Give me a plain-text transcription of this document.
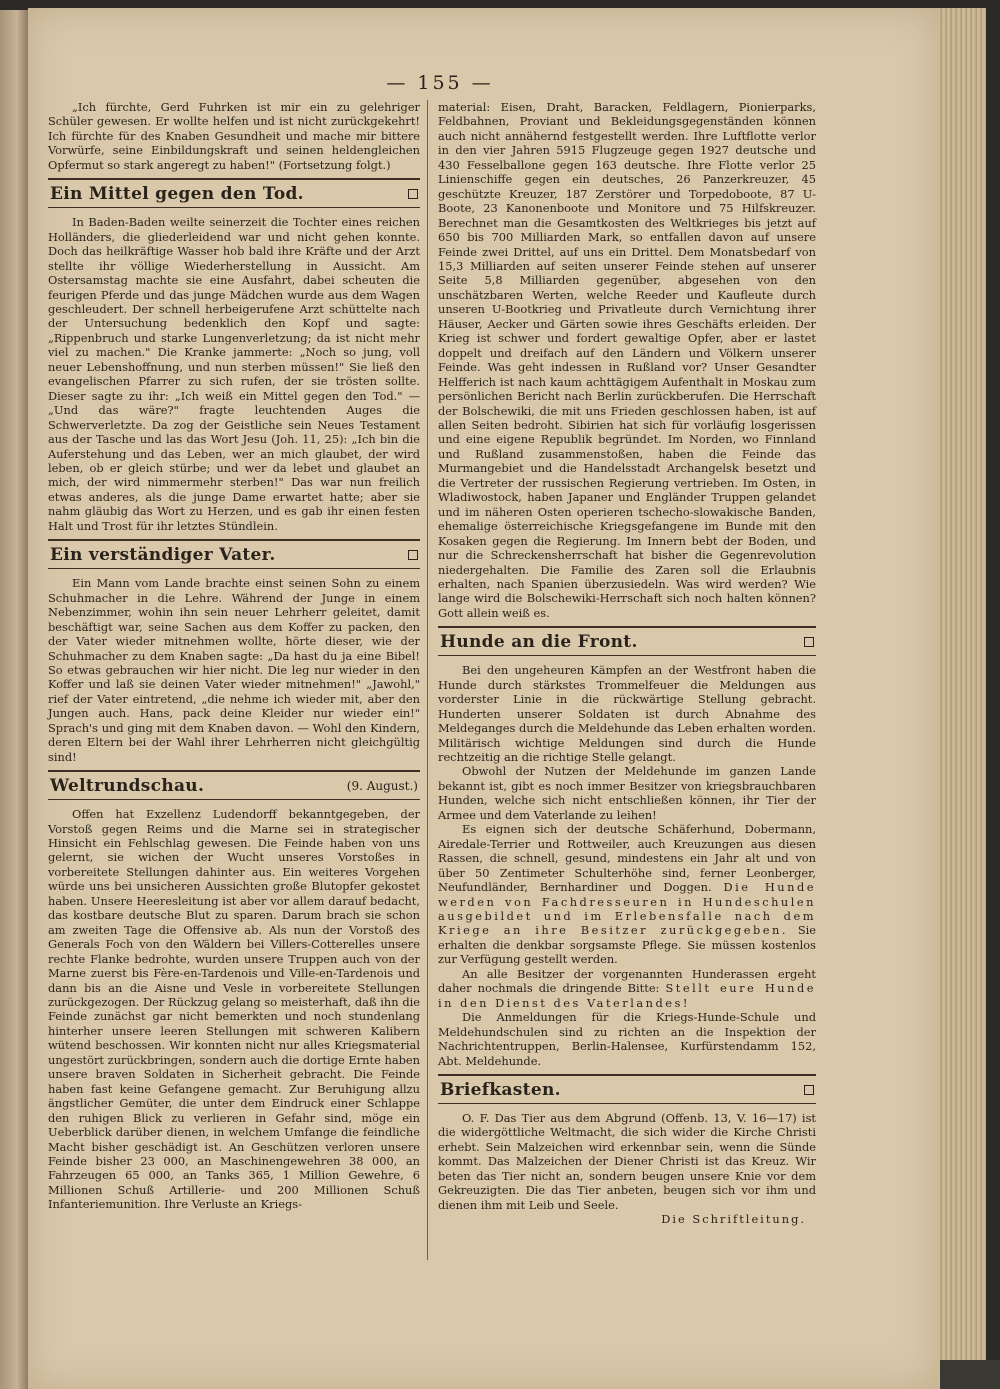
— 155 —

„Ich fürchte, Gerd Fuhrken ist mir ein zu gelehriger Schüler gewesen. Er wollte helfen und ist nicht zurückgekehrt! Ich fürchte für des Knaben Gesundheit und mache mir bittere Vorwürfe, seine Einbildungskraft und seinen heldengleichen Opfermut so stark angeregt zu haben!" (Fortsetzung folgt.)

Ein Mittel gegen den Tod.

In Baden-Baden weilte seinerzeit die Tochter eines reichen Holländers, die gliederleidend war und nicht gehen konnte. Doch das heilkräftige Wasser hob bald ihre Kräfte und der Arzt stellte ihr völlige Wiederherstellung in Aussicht. Am Ostersamstag machte sie eine Ausfahrt, dabei scheuten die feurigen Pferde und das junge Mädchen wurde aus dem Wagen geschleudert. Der schnell herbeigerufene Arzt schüttelte nach der Untersuchung bedenklich den Kopf und sagte: „Rippenbruch und starke Lungenverletzung; da ist nicht mehr viel zu machen." Die Kranke jammerte: „Noch so jung, voll neuer Lebenshoffnung, und nun sterben müssen!" Sie ließ den evangelischen Pfarrer zu sich rufen, der sie trösten sollte. Dieser sagte zu ihr: „Ich weiß ein Mittel gegen den Tod." — „Und das wäre?" fragte leuchtenden Auges die Schwerverletzte. Da zog der Geistliche sein Neues Testament aus der Tasche und las das Wort Jesu (Joh. 11, 25): „Ich bin die Auferstehung und das Leben, wer an mich glaubet, der wird leben, ob er gleich stürbe; und wer da lebet und glaubet an mich, der wird nimmermehr sterben!" Das war nun freilich etwas anderes, als die junge Dame erwartet hatte; aber sie nahm gläubig das Wort zu Herzen, und es gab ihr einen festen Halt und Trost für ihr letztes Stündlein.

Ein verständiger Vater.

Ein Mann vom Lande brachte einst seinen Sohn zu einem Schuhmacher in die Lehre. Während der Junge in einem Nebenzimmer, wohin ihn sein neuer Lehrherr geleitet, damit beschäftigt war, seine Sachen aus dem Koffer zu packen, den der Vater wieder mitnehmen wollte, hörte dieser, wie der Schuhmacher zu dem Knaben sagte: „Da hast du ja eine Bibel! So etwas gebrauchen wir hier nicht. Die leg nur wieder in den Koffer und laß sie deinen Vater wieder mitnehmen!" „Jawohl," rief der Vater eintretend, „die nehme ich wieder mit, aber den Jungen auch. Hans, pack deine Kleider nur wieder ein!" Sprach's und ging mit dem Knaben davon. — Wohl den Kindern, deren Eltern bei der Wahl ihrer Lehrherren nicht gleichgültig sind!

Weltrundschau.	(9. August.)

Offen hat Exzellenz Ludendorff bekanntgegeben, der Vorstoß gegen Reims und die Marne sei in strategischer Hinsicht ein Fehlschlag gewesen. Die Feinde haben von uns gelernt, sie wichen der Wucht unseres Vorstoßes in vorbereitete Stellungen dahinter aus. Ein weiteres Vorgehen würde uns bei unsicheren Aussichten große Blutopfer gekostet haben. Unsere Heeresleitung ist aber vor allem darauf bedacht, das kostbare deutsche Blut zu sparen. Darum brach sie schon am zweiten Tage die Offensive ab. Als nun der Vorstoß des Generals Foch von den Wäldern bei Villers-Cotterelles unsere rechte Flanke bedrohte, wurden unsere Truppen auch von der Marne zuerst bis Fère-en-Tardenois und Ville-en-Tardenois und dann bis an die Aisne und Vesle in vorbereitete Stellungen zurückgezogen. Der Rückzug gelang so meisterhaft, daß ihn die Feinde zunächst gar nicht bemerkten und noch stundenlang hinterher unsere leeren Stellungen mit schweren Kalibern wütend beschossen. Wir konnten nicht nur alles Kriegsmaterial ungestört zurückbringen, sondern auch die dortige Ernte haben unsere braven Soldaten in Sicherheit gebracht. Die Feinde haben fast keine Gefangene gemacht. Zur Beruhigung allzu ängstlicher Gemüter, die unter dem Eindruck einer Schlappe den ruhigen Blick zu verlieren in Gefahr sind, möge ein Ueberblick darüber dienen, in welchem Umfange die feindliche Macht bisher geschädigt ist. An Geschützen verloren unsere Feinde bisher 23 000, an Maschinengewehren 38 000, an Fahrzeugen 65 000, an Tanks 365, 1 Million Gewehre, 6 Millionen Schuß Artillerie- und 200 Millionen Schuß Infanteriemunition. Ihre Verluste an Kriegs-

material: Eisen, Draht, Baracken, Feldlagern, Pionierparks, Feldbahnen, Proviant und Bekleidungsgegenständen können auch nicht annähernd festgestellt werden. Ihre Luftflotte verlor in den vier Jahren 5915 Flugzeuge gegen 1927 deutsche und 430 Fesselballone gegen 163 deutsche. Ihre Flotte verlor 25 Linienschiffe gegen ein deutsches, 26 Panzerkreuzer, 45 geschützte Kreuzer, 187 Zerstörer und Torpedoboote, 87 U-Boote, 23 Kanonenboote und Monitore und 75 Hilfskreuzer. Berechnet man die Gesamtkosten des Weltkrieges bis jetzt auf 650 bis 700 Milliarden Mark, so entfallen davon auf unsere Feinde zwei Drittel, auf uns ein Drittel. Dem Monatsbedarf von 15,3 Milliarden auf seiten unserer Feinde stehen auf unserer Seite 5,8 Milliarden gegenüber, abgesehen von den unschätzbaren Werten, welche Reeder und Kaufleute durch unseren U-Bootkrieg und Privatleute durch Vernichtung ihrer Häuser, Aecker und Gärten sowie ihres Geschäfts erleiden. Der Krieg ist schwer und fordert gewaltige Opfer, aber er lastet doppelt und dreifach auf den Ländern und Völkern unserer Feinde. Was geht indessen in Rußland vor? Unser Gesandter Helfferich ist nach kaum achttägigem Aufenthalt in Moskau zum persönlichen Bericht nach Berlin zurückberufen. Die Herrschaft der Bolschewiki, die mit uns Frieden geschlossen haben, ist auf allen Seiten bedroht. Sibirien hat sich für vorläufig losgerissen und eine eigene Republik begründet. Im Norden, wo Finnland und Rußland zusammenstoßen, haben die Feinde das Murmangebiet und die Handelsstadt Archangelsk besetzt und die Vertreter der russischen Regierung vertrieben. Im Osten, in Wladiwostock, haben Japaner und Engländer Truppen gelandet und im näheren Osten operieren tschecho-slowakische Banden, ehemalige österreichische Kriegsgefangene im Bunde mit den Kosaken gegen die Regierung. Im Innern bebt der Boden, und nur die Schreckensherrschaft hat bisher die Gegenrevolution niedergehalten. Die Familie des Zaren soll die Erlaubnis erhalten, nach Spanien überzusiedeln. Was wird werden? Wie lange wird die Bolschewiki-Herrschaft sich noch halten können? Gott allein weiß es.

Hunde an die Front.

Bei den ungeheuren Kämpfen an der Westfront haben die Hunde durch stärkstes Trommelfeuer die Meldungen aus vorderster Linie in die rückwärtige Stellung gebracht. Hunderten unserer Soldaten ist durch Abnahme des Meldeganges durch die Meldehunde das Leben erhalten worden. Militärisch wichtige Meldungen sind durch die Hunde rechtzeitig an die richtige Stelle gelangt.

Obwohl der Nutzen der Meldehunde im ganzen Lande bekannt ist, gibt es noch immer Besitzer von kriegsbrauchbaren Hunden, welche sich nicht entschließen können, ihr Tier der Armee und dem Vaterlande zu leihen!

Es eignen sich der deutsche Schäferhund, Dobermann, Airedale-Terrier und Rottweiler, auch Kreuzungen aus diesen Rassen, die schnell, gesund, mindestens ein Jahr alt und von über 50 Zentimeter Schulterhöhe sind, ferner Leonberger, Neufundländer, Bernhardiner und Doggen. Die Hunde werden von Fachdresseuren in Hundeschulen ausgebildet und im Erlebensfalle nach dem Kriege an ihre Besitzer zurückgegeben. Sie erhalten die denkbar sorgsamste Pflege. Sie müssen kostenlos zur Verfügung gestellt werden.

An alle Besitzer der vorgenannten Hunderassen ergeht daher nochmals die dringende Bitte: Stellt eure Hunde in den Dienst des Vaterlandes!

Die Anmeldungen für die Kriegs-Hunde-Schule und Meldehundschulen sind zu richten an die Inspektion der Nachrichtentruppen, Berlin-Halensee, Kurfürstendamm 152, Abt. Meldehunde.

Briefkasten.

O. F. Das Tier aus dem Abgrund (Offenb. 13, V. 16—17) ist die widergöttliche Weltmacht, die sich wider die Kirche Christi erhebt. Sein Malzeichen wird erkennbar sein, wenn die Sünde kommt. Das Malzeichen der Diener Christi ist das Kreuz. Wir beten das Tier nicht an, sondern beugen unsere Knie vor dem Gekreuzigten. Die das Tier anbeten, beugen sich vor ihm und dienen ihm mit Leib und Seele.

Die Schriftleitung.
